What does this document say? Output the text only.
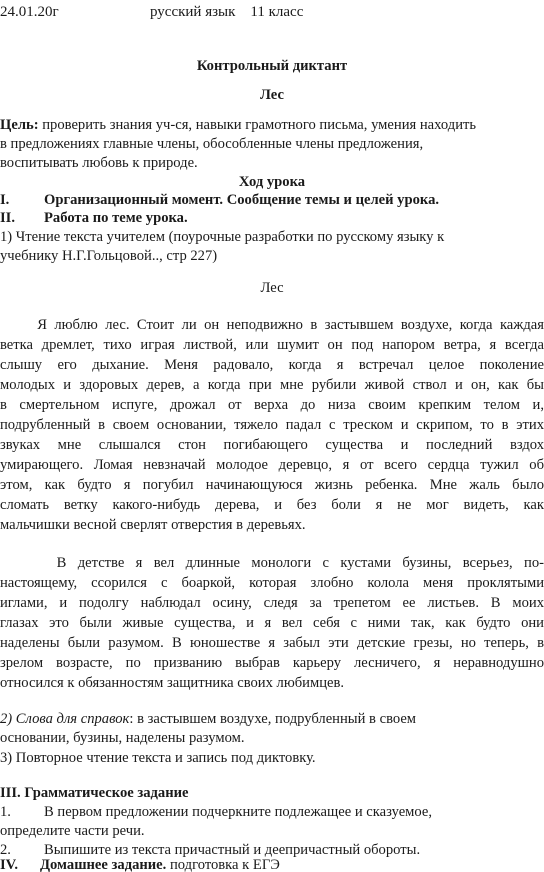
24.01.20г	русский язык 11 класс
Контрольный диктант
Лес
Цель: проверить знания уч-ся, навыки грамотного письма, умения находить
в предложениях главные члены, обособленные члены предложения,
воспитывать любовь к природе.
Ход урока
I. Организационный момент. Сообщение темы и целей урока.
II. Работа по теме урока.
1) Чтение текста учителем (поурочные разработки по русскому языку к
учебнику Н.Г.Гольцовой.., стр 227)
Лес
Я люблю лес. Стоит ли он неподвижно в застывшем воздухе, когда каждая
ветка дремлет, тихо играя листвой, или шумит он под напором ветра, я всегда
слышу его дыхание. Меня радовало, когда я встречал целое поколение
молодых и здоровых дерев, а когда при мне рубили живой ствол и он, как бы
в смертельном испуге, дрожал от верха до низа своим крепким телом и,
подрубленный в своем основании, тяжело падал с треском и скрипом, то в этих
звуках мне слышался стон погибающего существа и последний вздох
умирающего. Ломая невзначай молодое деревцо, я от всего сердца тужил об
этом, как будто я погубил начинающуюся жизнь ребенка. Мне жаль было
сломать ветку какого-нибудь дерева, и без боли я не мог видеть, как
мальчишки весной сверлят отверстия в деревьях.
В детстве я вел длинные монологи с кустами бузины, всерьез, по-
настоящему, ссорился с боаркой, которая злобно колола меня проклятыми
иглами, и подолгу наблюдал осину, следя за трепетом ее листьев. В моих
глазах это были живые существа, и я вел себя с ними так, как будто они
наделены были разумом. В юношестве я забыл эти детские грезы, но теперь, в
зрелом возрасте, по призванию выбрав карьеру лесничего, я неравнодушно
относился к обязанностям защитника своих любимцев.
2) Слова для справок: в застывшем воздухе, подрубленный в своем
основании, бузины, наделены разумом.
3) Повторное чтение текста и запись под диктовку.
III. Грамматическое задание
1. В первом предложении подчеркните подлежащее и сказуемое,
определите части речи.
2. Выпишите из текста причастный и деепричастный обороты.
IV. Домашнее задание. подготовка к ЕГЭ
